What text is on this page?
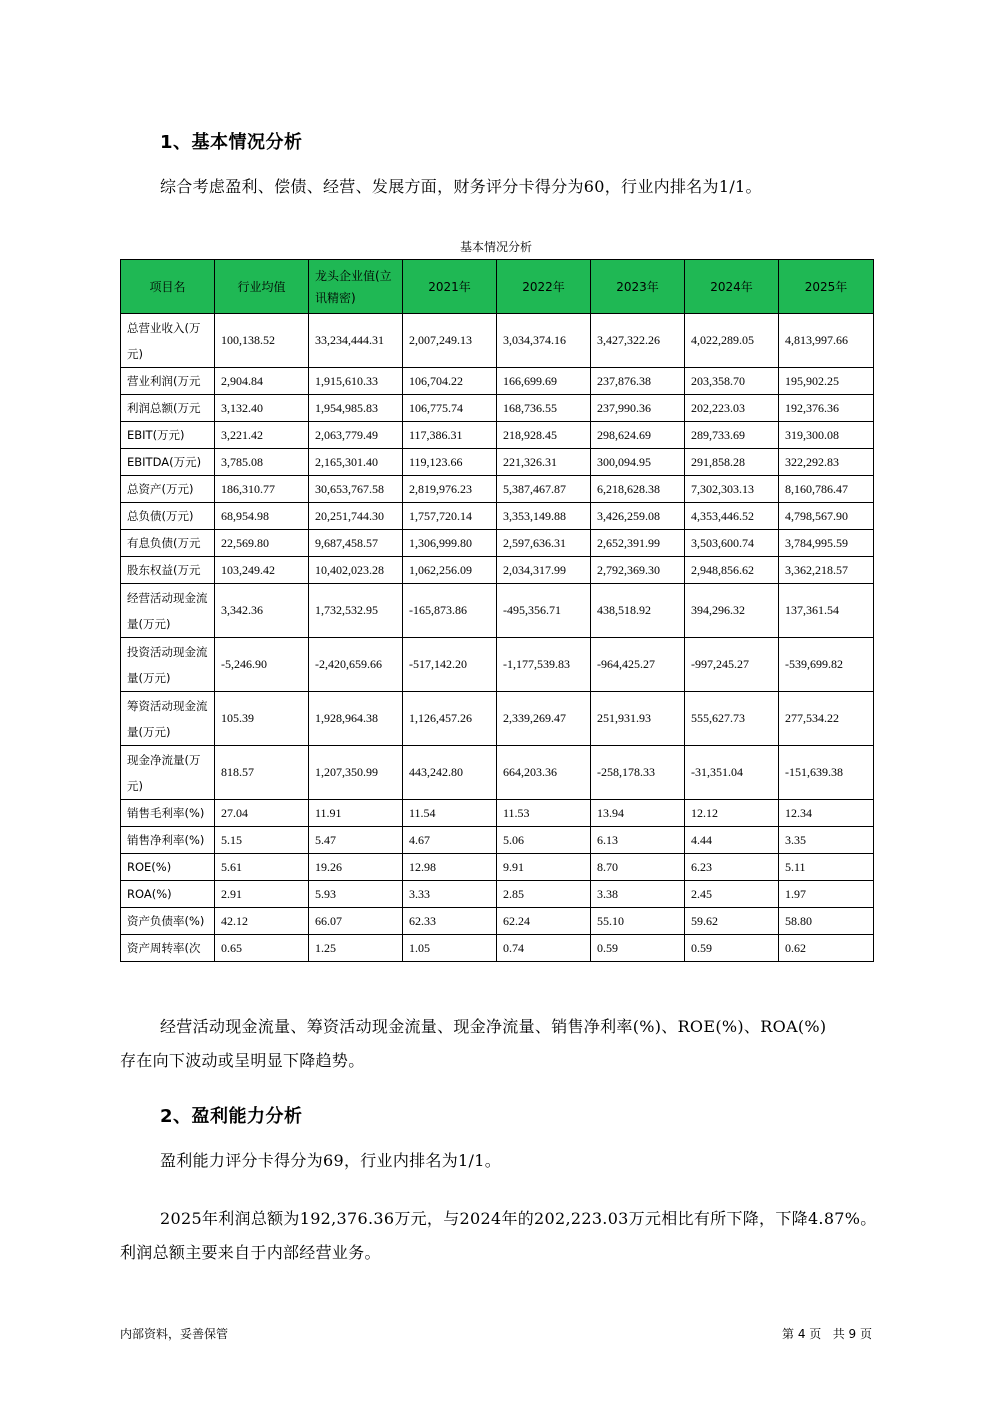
1、基本情况分析
综合考虑盈利、偿债、经营、发展方面，财务评分卡得分为60，行业内排名为1/1。
基本情况分析
项目名	行业均值	龙头企业值(立讯精密)	2021年	2022年	2023年	2024年	2025年
总营业收入(万元)	100,138.52	33,234,444.31	2,007,249.13	3,034,374.16	3,427,322.26	4,022,289.05	4,813,997.66
营业利润(万元	2,904.84	1,915,610.33	106,704.22	166,699.69	237,876.38	203,358.70	195,902.25
利润总额(万元	3,132.40	1,954,985.83	106,775.74	168,736.55	237,990.36	202,223.03	192,376.36
EBIT(万元)	3,221.42	2,063,779.49	117,386.31	218,928.45	298,624.69	289,733.69	319,300.08
EBITDA(万元)	3,785.08	2,165,301.40	119,123.66	221,326.31	300,094.95	291,858.28	322,292.83
总资产(万元)	186,310.77	30,653,767.58	2,819,976.23	5,387,467.87	6,218,628.38	7,302,303.13	8,160,786.47
总负债(万元)	68,954.98	20,251,744.30	1,757,720.14	3,353,149.88	3,426,259.08	4,353,446.52	4,798,567.90
有息负债(万元	22,569.80	9,687,458.57	1,306,999.80	2,597,636.31	2,652,391.99	3,503,600.74	3,784,995.59
股东权益(万元	103,249.42	10,402,023.28	1,062,256.09	2,034,317.99	2,792,369.30	2,948,856.62	3,362,218.57
经营活动现金流量(万元)	3,342.36	1,732,532.95	-165,873.86	-495,356.71	438,518.92	394,296.32	137,361.54
投资活动现金流量(万元)	-5,246.90	-2,420,659.66	-517,142.20	-1,177,539.83	-964,425.27	-997,245.27	-539,699.82
筹资活动现金流量(万元)	105.39	1,928,964.38	1,126,457.26	2,339,269.47	251,931.93	555,627.73	277,534.22
现金净流量(万元)	818.57	1,207,350.99	443,242.80	664,203.36	-258,178.33	-31,351.04	-151,639.38
销售毛利率(%)	27.04	11.91	11.54	11.53	13.94	12.12	12.34
销售净利率(%)	5.15	5.47	4.67	5.06	6.13	4.44	3.35
ROE(%)	5.61	19.26	12.98	9.91	8.70	6.23	5.11
ROA(%)	2.91	5.93	3.33	2.85	3.38	2.45	1.97
资产负债率(%)	42.12	66.07	62.33	62.24	55.10	59.62	58.80
资产周转率(次	0.65	1.25	1.05	0.74	0.59	0.59	0.62
经营活动现金流量、筹资活动现金流量、现金净流量、销售净利率(%)、ROE(%)、ROA(%)
存在向下波动或呈明显下降趋势。
2、盈利能力分析
盈利能力评分卡得分为69，行业内排名为1/1。
2025年利润总额为192,376.36万元，与2024年的202,223.03万元相比有所下降，下降4.87%。
利润总额主要来自于内部经营业务。
内部资料，妥善保管	第 4 页   共 9 页
